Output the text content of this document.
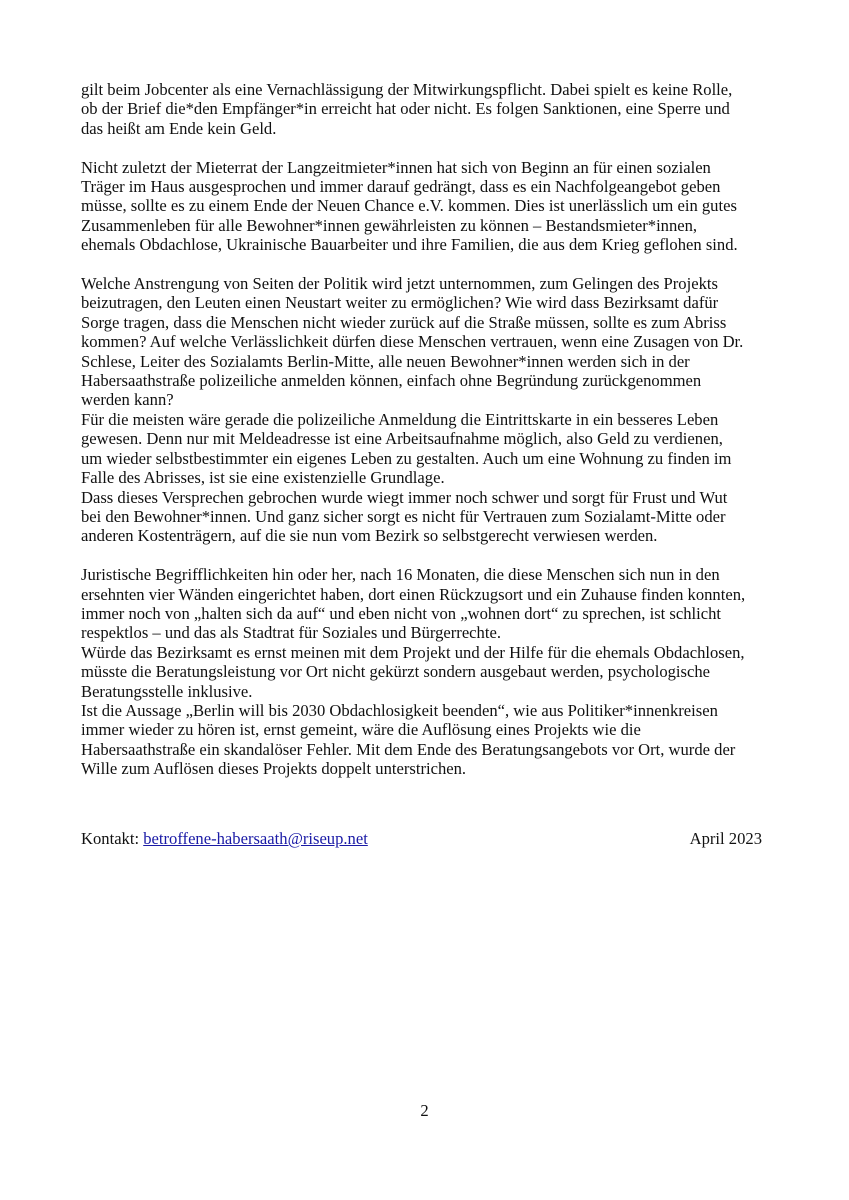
gilt beim Jobcenter als eine Vernachlässigung der Mitwirkungspflicht. Dabei spielt es keine Rolle,
ob der Brief die*den Empfänger*in erreicht hat oder nicht. Es folgen Sanktionen, eine Sperre und
das heißt am Ende kein Geld.
Nicht zuletzt der Mieterrat der Langzeitmieter*innen hat sich von Beginn an für einen sozialen
Träger im Haus ausgesprochen und immer darauf gedrängt, dass es ein Nachfolgeangebot geben
müsse, sollte es zu einem Ende der Neuen Chance e.V. kommen. Dies ist unerlässlich um ein gutes
Zusammenleben für alle Bewohner*innen gewährleisten zu können – Bestandsmieter*innen,
ehemals Obdachlose, Ukrainische Bauarbeiter und ihre Familien, die aus dem Krieg geflohen sind.
Welche Anstrengung von Seiten der Politik wird jetzt unternommen, zum Gelingen des Projekts
beizutragen, den Leuten einen Neustart weiter zu ermöglichen? Wie wird dass Bezirksamt dafür
Sorge tragen, dass die Menschen nicht wieder zurück auf die Straße müssen, sollte es zum Abriss
kommen? Auf welche Verlässlichkeit dürfen diese Menschen vertrauen, wenn eine Zusagen von Dr.
Schlese, Leiter des Sozialamts Berlin-Mitte, alle neuen Bewohner*innen werden sich in der
Habersaathstraße polizeiliche anmelden können, einfach ohne Begründung zurückgenommen
werden kann?
Für die meisten wäre gerade die polizeiliche Anmeldung die Eintrittskarte in ein besseres Leben
gewesen. Denn nur mit Meldeadresse ist eine Arbeitsaufnahme möglich, also Geld zu verdienen,
um wieder selbstbestimmter ein eigenes Leben zu gestalten. Auch um eine Wohnung zu finden im
Falle des Abrisses, ist sie eine existenzielle Grundlage.
Dass dieses Versprechen gebrochen wurde wiegt immer noch schwer und sorgt für Frust und Wut
bei den Bewohner*innen. Und ganz sicher sorgt es nicht für Vertrauen zum Sozialamt-Mitte oder
anderen Kostenträgern, auf die sie nun vom Bezirk so selbstgerecht verwiesen werden.
Juristische Begrifflichkeiten hin oder her, nach 16 Monaten, die diese Menschen sich nun in den
ersehnten vier Wänden eingerichtet haben, dort einen Rückzugsort und ein Zuhause finden konnten,
immer noch von „halten sich da auf“ und eben nicht von „wohnen dort“ zu sprechen, ist schlicht
respektlos – und das als Stadtrat für Soziales und Bürgerrechte.
Würde das Bezirksamt es ernst meinen mit dem Projekt und der Hilfe für die ehemals Obdachlosen,
müsste die Beratungsleistung vor Ort nicht gekürzt sondern ausgebaut werden, psychologische
Beratungsstelle inklusive.
Ist die Aussage „Berlin will bis 2030 Obdachlosigkeit beenden“, wie aus Politiker*innenkreisen
immer wieder zu hören ist, ernst gemeint, wäre die Auflösung eines Projekts wie die
Habersaathstraße ein skandalöser Fehler. Mit dem Ende des Beratungsangebots vor Ort, wurde der
Wille zum Auflösen dieses Projekts doppelt unterstrichen.
Kontakt: betroffene-habersaath@riseup.net	April 2023
2
